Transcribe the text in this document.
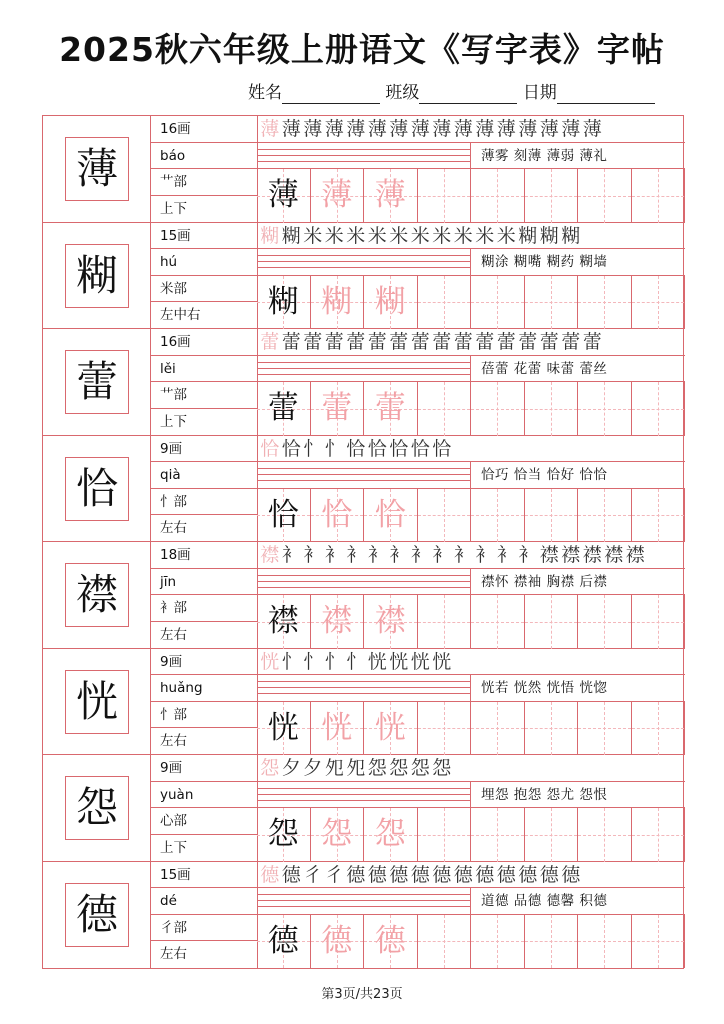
2025秋六年级上册语文《写字表》字帖
姓名	班级	日期
薄
16画
báo
艹部
上下
薄 薄 薄 薄 薄 薄 薄 薄 薄 薄 薄 薄 薄 薄 薄 薄
薄雾 刻薄 薄弱 薄礼
薄 薄 薄
糊
15画
hú
米部
左中右
糊 糊 米 米 米 米 米 米 米 米 米 米 糊 糊 糊
糊涂 糊嘴 糊药 糊墙
糊 糊 糊
蕾
16画
lěi
艹部
上下
蕾 蕾 蕾 蕾 蕾 蕾 蕾 蕾 蕾 蕾 蕾 蕾 蕾 蕾 蕾 蕾
蓓蕾 花蕾 味蕾 蕾丝
蕾 蕾 蕾
恰
9画
qià
忄部
左右
恰 恰 忄 忄 恰 恰 恰 恰 恰
恰巧 恰当 恰好 恰恰
恰 恰 恰
襟
18画
jīn
衤部
左右
襟 衤 衤 衤 衤 衤 衤 衤 衤 衤 衤 衤 衤 襟 襟 襟 襟 襟
襟怀 襟袖 胸襟 后襟
襟 襟 襟
恍
9画
huǎng
忄部
左右
恍 忄 忄 忄 忄 恍 恍 恍 恍
恍若 恍然 恍悟 恍惚
恍 恍 恍
怨
9画
yuàn
心部
上下
怨 夕 夕 夗 夗 怨 怨 怨 怨
埋怨 抱怨 怨尤 怨恨
怨 怨 怨
德
15画
dé
彳部
左右
德 德 彳 彳 德 德 德 德 德 德 德 德 德 德 德
道德 品德 德馨 积德
德 德 德
第3页/共23页
